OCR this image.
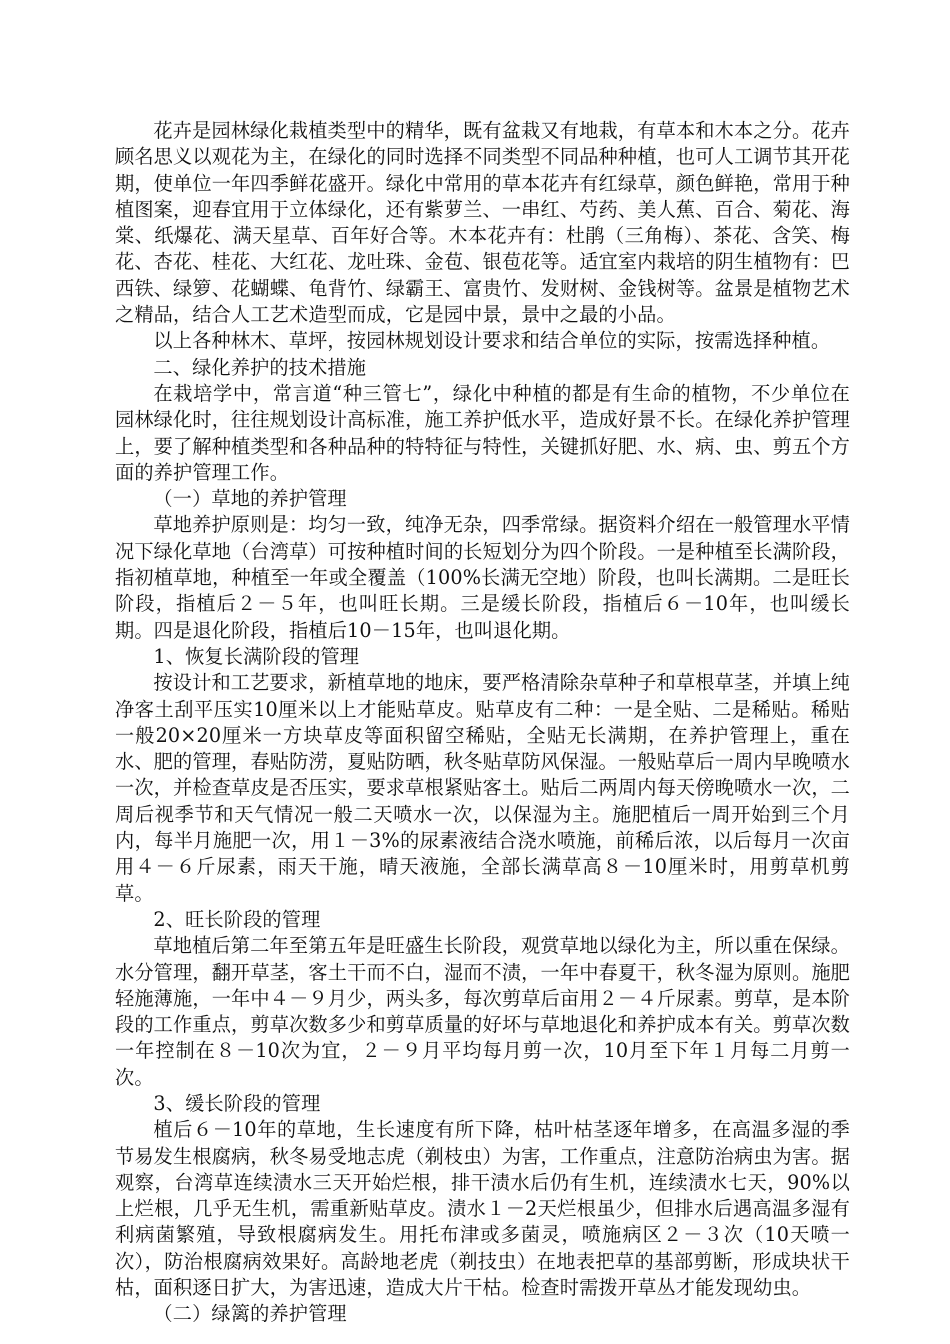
花卉是园林绿化栽植类型中的精华，既有盆栽又有地栽，有草本和木本之分。花卉顾名思义以观花为主，在绿化的同时选择不同类型不同品种种植，也可人工调节其开花期，使单位一年四季鲜花盛开。绿化中常用的草本花卉有红绿草，颜色鲜艳，常用于种植图案，迎春宜用于立体绿化，还有紫萝兰、一串红、芍药、美人蕉、百合、菊花、海棠、纸爆花、满天星草、百年好合等。木本花卉有：杜鹃（三角梅）、茶花、含笑、梅花、杏花、桂花、大红花、龙吐珠、金苞、银苞花等。适宜室内栽培的阴生植物有：巴西铁、绿箩、花蝴蝶、龟背竹、绿霸王、富贵竹、发财树、金钱树等。盆景是植物艺术之精品，结合人工艺术造型而成，它是园中景，景中之最的小品。

以上各种林木、草坪，按园林规划设计要求和结合单位的实际，按需选择种植。

二、绿化养护的技术措施

在栽培学中，常言道“种三管七”，绿化中种植的都是有生命的植物，不少单位在园林绿化时，往往规划设计高标准，施工养护低水平，造成好景不长。在绿化养护管理上，要了解种植类型和各种品种的特特征与特性，关键抓好肥、水、病、虫、剪五个方面的养护管理工作。

（一）草地的养护管理

草地养护原则是：均匀一致，纯净无杂，四季常绿。据资料介绍在一般管理水平情况下绿化草地（台湾草）可按种植时间的长短划分为四个阶段。一是种植至长满阶段，指初植草地，种植至一年或全覆盖（100%长满无空地）阶段，也叫长满期。二是旺长阶段，指植后２－５年，也叫旺长期。三是缓长阶段，指植后６－10年，也叫缓长期。四是退化阶段，指植后10－15年，也叫退化期。

1、恢复长满阶段的管理

按设计和工艺要求，新植草地的地床，要严格清除杂草种子和草根草茎，并填上纯净客土刮平压实10厘米以上才能贴草皮。贴草皮有二种：一是全贴、二是稀贴。稀贴一般20×20厘米一方块草皮等面积留空稀贴，全贴无长满期，在养护管理上，重在水、肥的管理，春贴防涝，夏贴防晒，秋冬贴草防风保湿。一般贴草后一周内早晚喷水一次，并检查草皮是否压实，要求草根紧贴客土。贴后二两周内每天傍晚喷水一次，二周后视季节和天气情况一般二天喷水一次，以保湿为主。施肥植后一周开始到三个月内，每半月施肥一次，用１－3%的尿素液结合浇水喷施，前稀后浓，以后每月一次亩用４－６斤尿素，雨天干施，晴天液施，全部长满草高８－10厘米时，用剪草机剪草。

2、旺长阶段的管理

草地植后第二年至第五年是旺盛生长阶段，观赏草地以绿化为主，所以重在保绿。水分管理，翻开草茎，客土干而不白，湿而不渍，一年中春夏干，秋冬湿为原则。施肥轻施薄施，一年中４－９月少，两头多，每次剪草后亩用２－４斤尿素。剪草，是本阶段的工作重点，剪草次数多少和剪草质量的好坏与草地退化和养护成本有关。剪草次数一年控制在８－10次为宜，２－９月平均每月剪一次，10月至下年１月每二月剪一次。

3、缓长阶段的管理

植后６－10年的草地，生长速度有所下降，枯叶枯茎逐年增多，在高温多湿的季节易发生根腐病，秋冬易受地志虎（剃枝虫）为害，工作重点，注意防治病虫为害。据观察，台湾草连续渍水三天开始烂根，排干渍水后仍有生机，连续渍水七天，90%以上烂根，几乎无生机，需重新贴草皮。渍水１－2天烂根虽少，但排水后遇高温多湿有利病菌繁殖，导致根腐病发生。用托布津或多菌灵，喷施病区２－３次（10天喷一次），防治根腐病效果好。高龄地老虎（剃技虫）在地表把草的基部剪断，形成块状干枯，面积逐日扩大，为害迅速，造成大片干枯。检查时需拨开草丛才能发现幼虫。

（二）绿篱的养护管理
